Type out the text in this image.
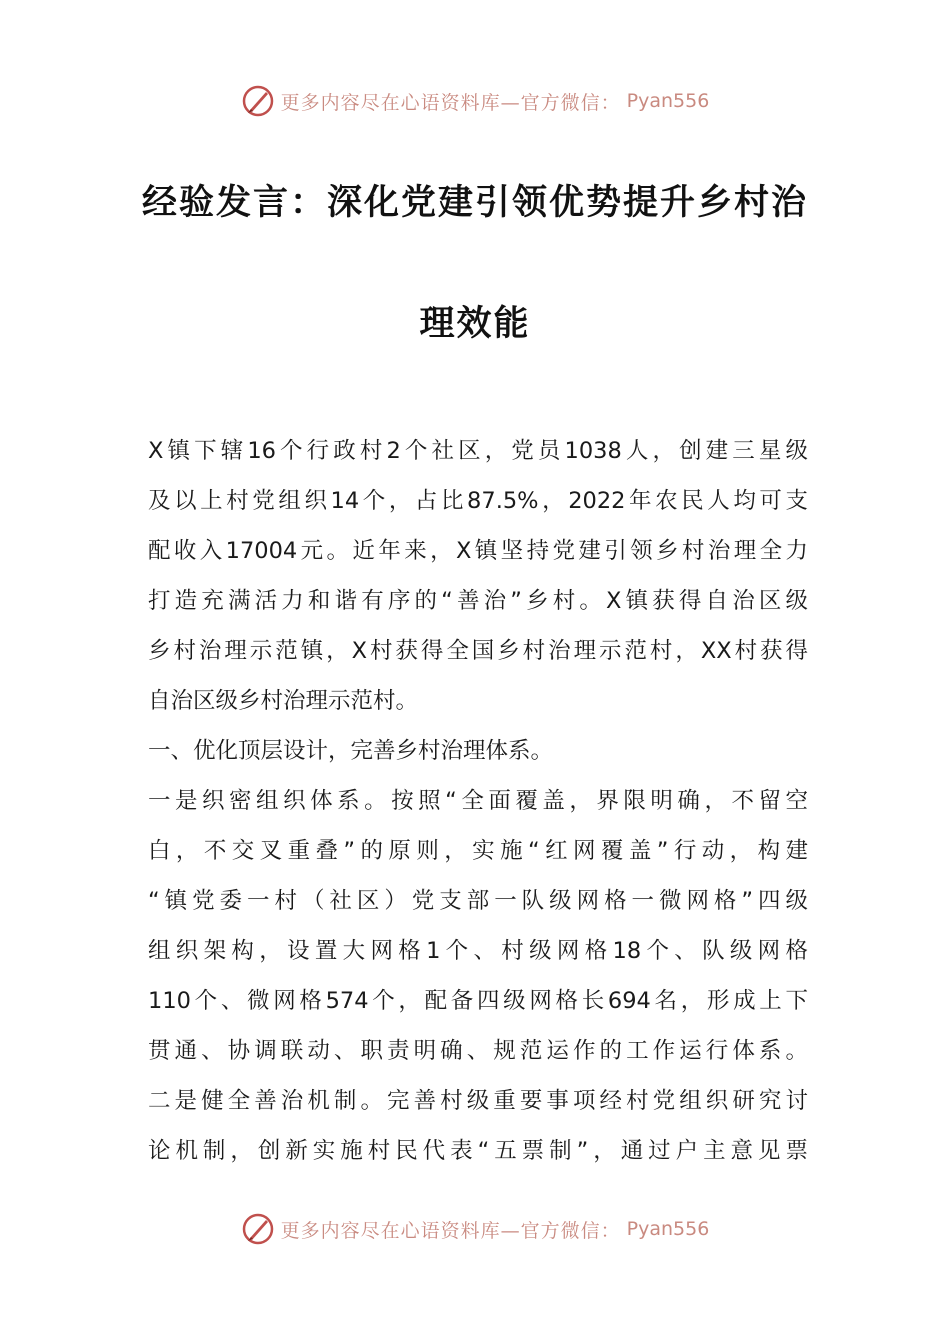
更多内容尽在心语资料库—官方微信： Pyan556
经验发言：深化党建引领优势提升乡村治
理效能
X镇下辖16个行政村2个社区，党员1038人，创建三星级
及以上村党组织14个，占比87.5%，2022年农民人均可支
配收入17004元。近年来，X镇坚持党建引领乡村治理全力
打造充满活力和谐有序的“善治”乡村。X镇获得自治区级
乡村治理示范镇，X村获得全国乡村治理示范村，XX村获得
自治区级乡村治理示范村。
一、优化顶层设计，完善乡村治理体系。
一是织密组织体系。按照“全面覆盖，界限明确，不留空
白，不交叉重叠”的原则，实施“红网覆盖”行动，构建
“镇党委一村（社区）党支部一队级网格一微网格”四级
组织架构，设置大网格1个、村级网格18个、队级网格
110个、微网格574个，配备四级网格长694名，形成上下
贯通、协调联动、职责明确、规范运作的工作运行体系。
二是健全善治机制。完善村级重要事项经村党组织研究讨
论机制，创新实施村民代表“五票制”，通过户主意见票
更多内容尽在心语资料库—官方微信： Pyan556
